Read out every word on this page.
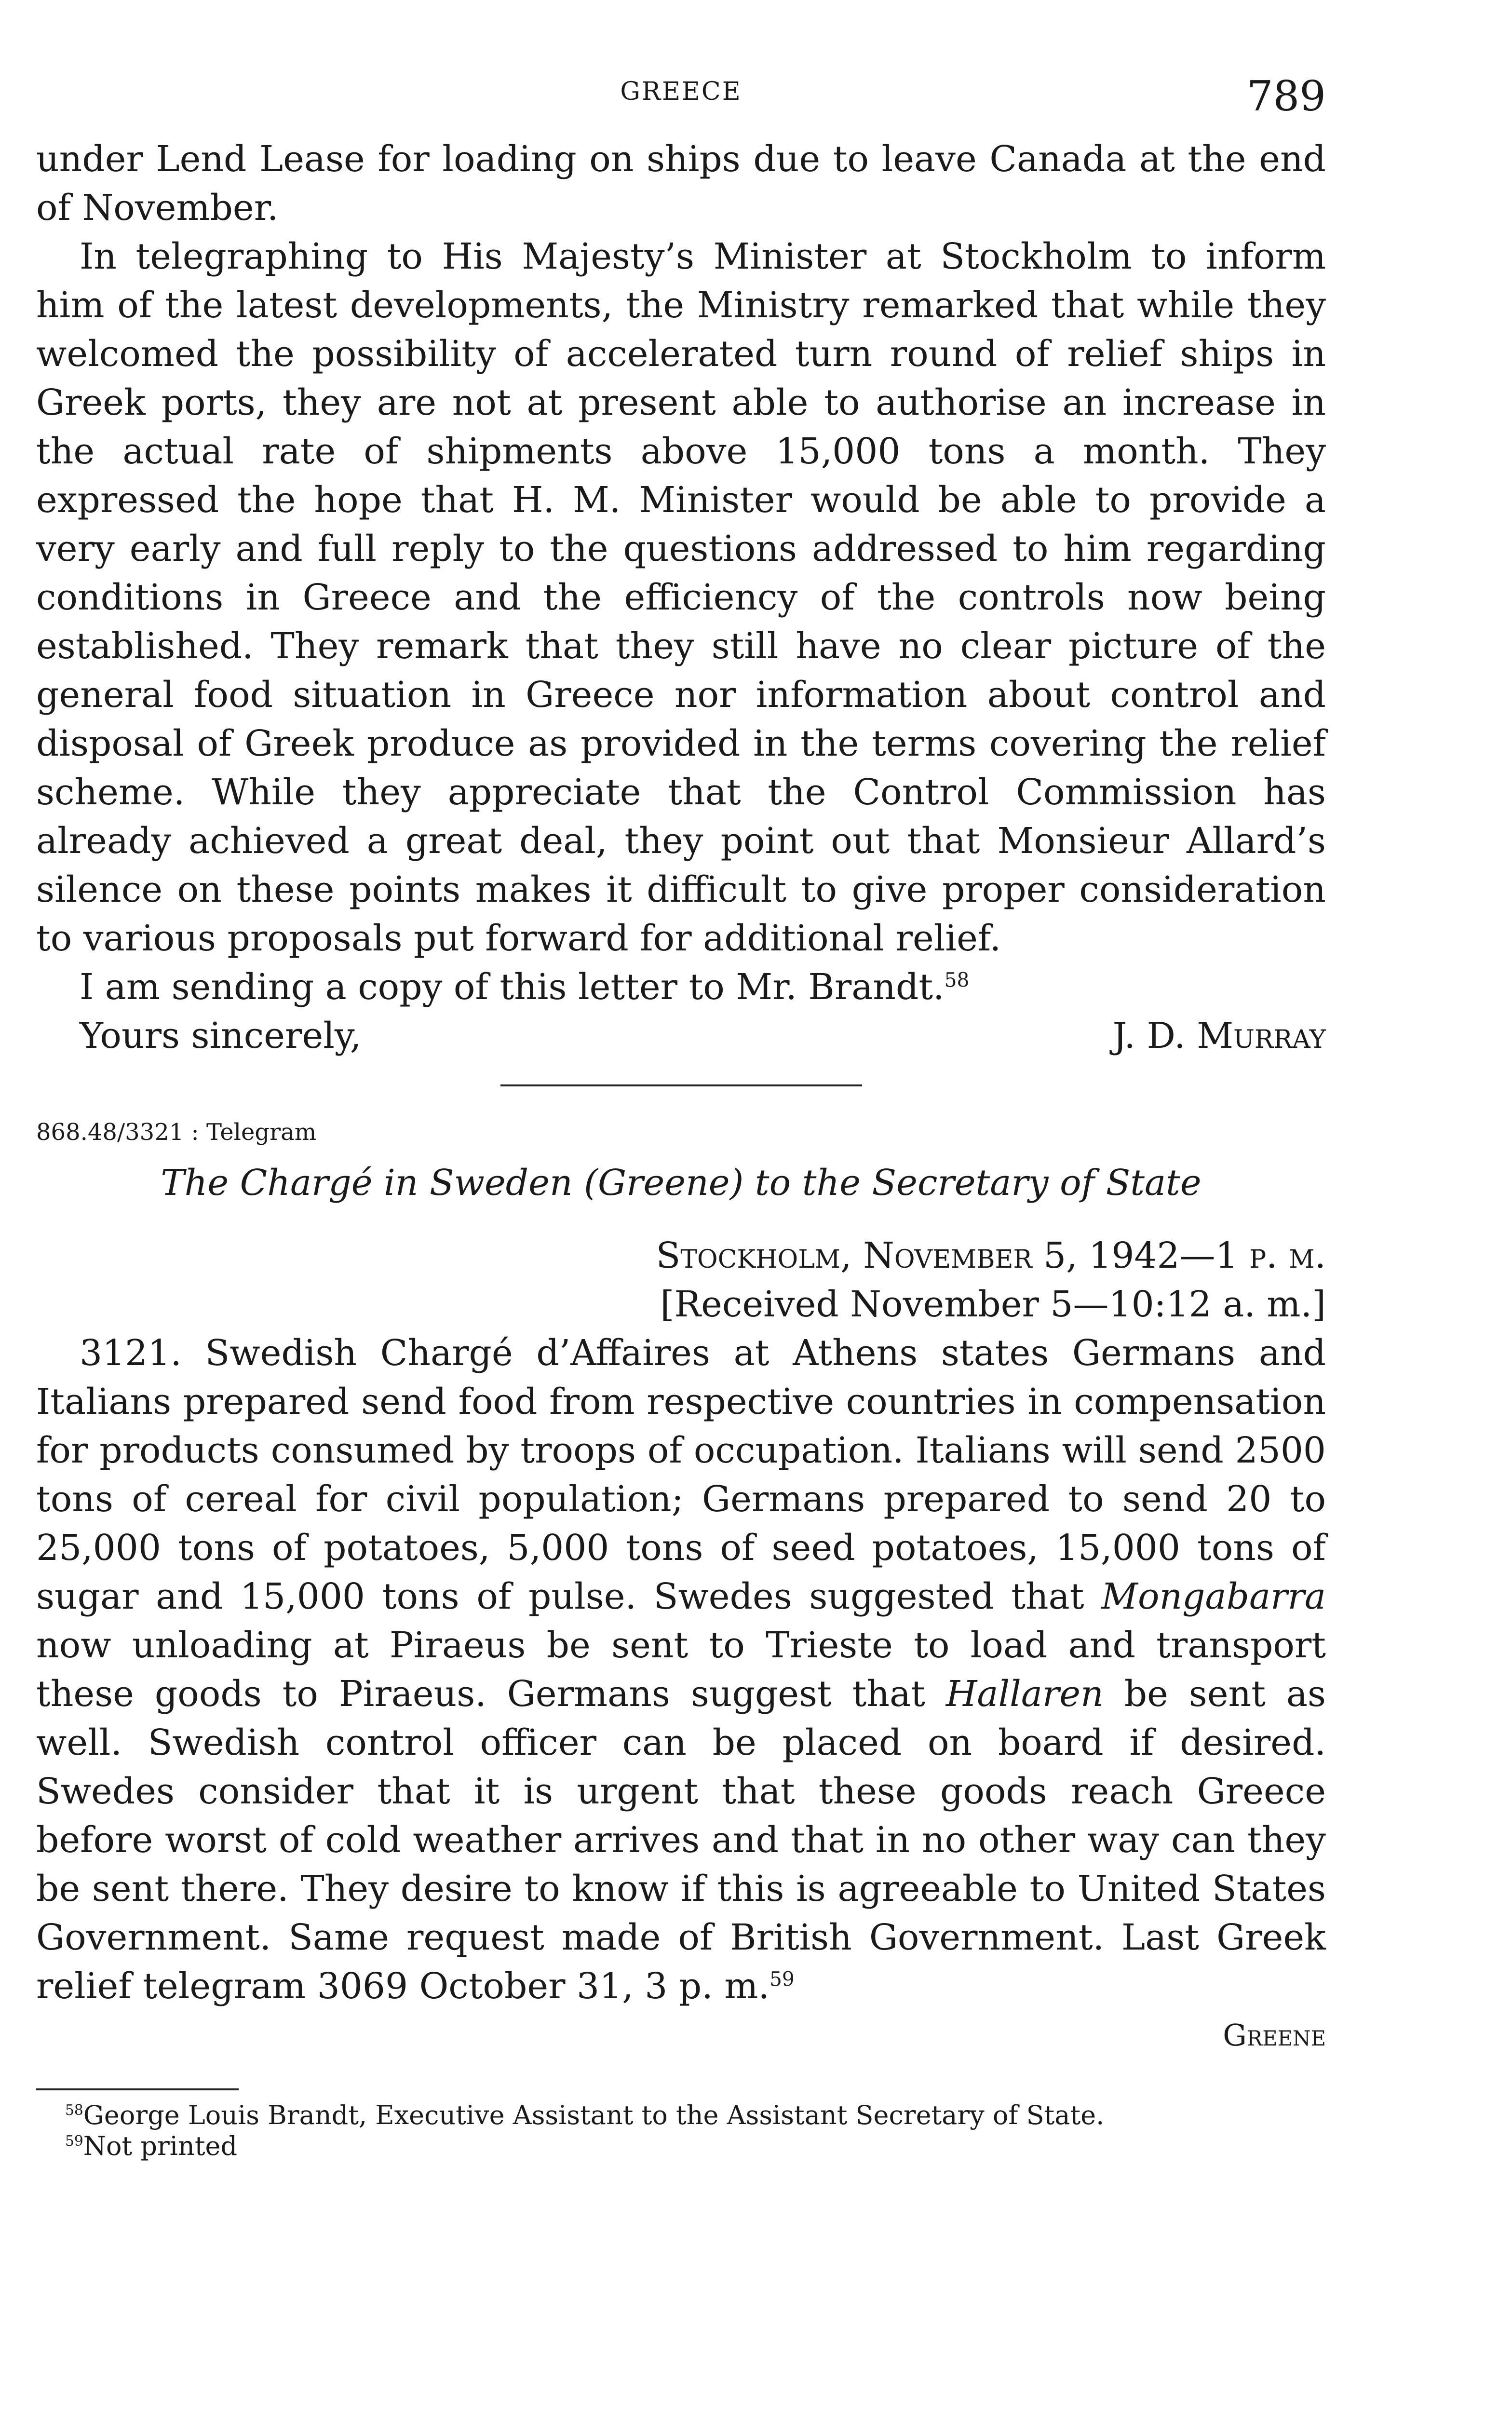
GREECE	789

under Lend Lease for loading on ships due to leave Canada at the end of November.

In telegraphing to His Majesty’s Minister at Stockholm to inform him of the latest developments, the Ministry remarked that while they welcomed the possibility of accelerated turn round of relief ships in Greek ports, they are not at present able to authorise an increase in the actual rate of shipments above 15,000 tons a month. They expressed the hope that H. M. Minister would be able to provide a very early and full reply to the questions addressed to him regarding conditions in Greece and the efficiency of the controls now being established. They remark that they still have no clear picture of the general food situation in Greece nor information about control and disposal of Greek produce as provided in the terms covering the relief scheme. While they appreciate that the Control Commission has already achieved a great deal, they point out that Monsieur Allard’s silence on these points makes it difficult to give proper consideration to various proposals put forward for additional relief.

I am sending a copy of this letter to Mr. Brandt.$^{58}$

Yours sincerely,	J. D. Murray
868.48/3321 : Telegram
The Chargé in Sweden (Greene) to the Secretary of State
Stockholm, November 5, 1942—1 p. m.
[Received November 5—10:12 a. m.]

3121. Swedish Chargé d’Affaires at Athens states Germans and Italians prepared send food from respective countries in compensation for products consumed by troops of occupation. Italians will send 2500 tons of cereal for civil population; Germans prepared to send 20 to 25,000 tons of potatoes, 5,000 tons of seed potatoes, 15,000 tons of sugar and 15,000 tons of pulse. Swedes suggested that Mongabarra now unloading at Piraeus be sent to Trieste to load and transport these goods to Piraeus. Germans suggest that Hallaren be sent as well. Swedish control officer can be placed on board if desired. Swedes consider that it is urgent that these goods reach Greece before worst of cold weather arrives and that in no other way can they be sent there. They desire to know if this is agreeable to United States Government. Same request made of British Government. Last Greek relief telegram 3069 October 31, 3 p. m.$^{59}$

Greene

$^{58}$George Louis Brandt, Executive Assistant to the Assistant Secretary of State.

$^{59}$Not printed
